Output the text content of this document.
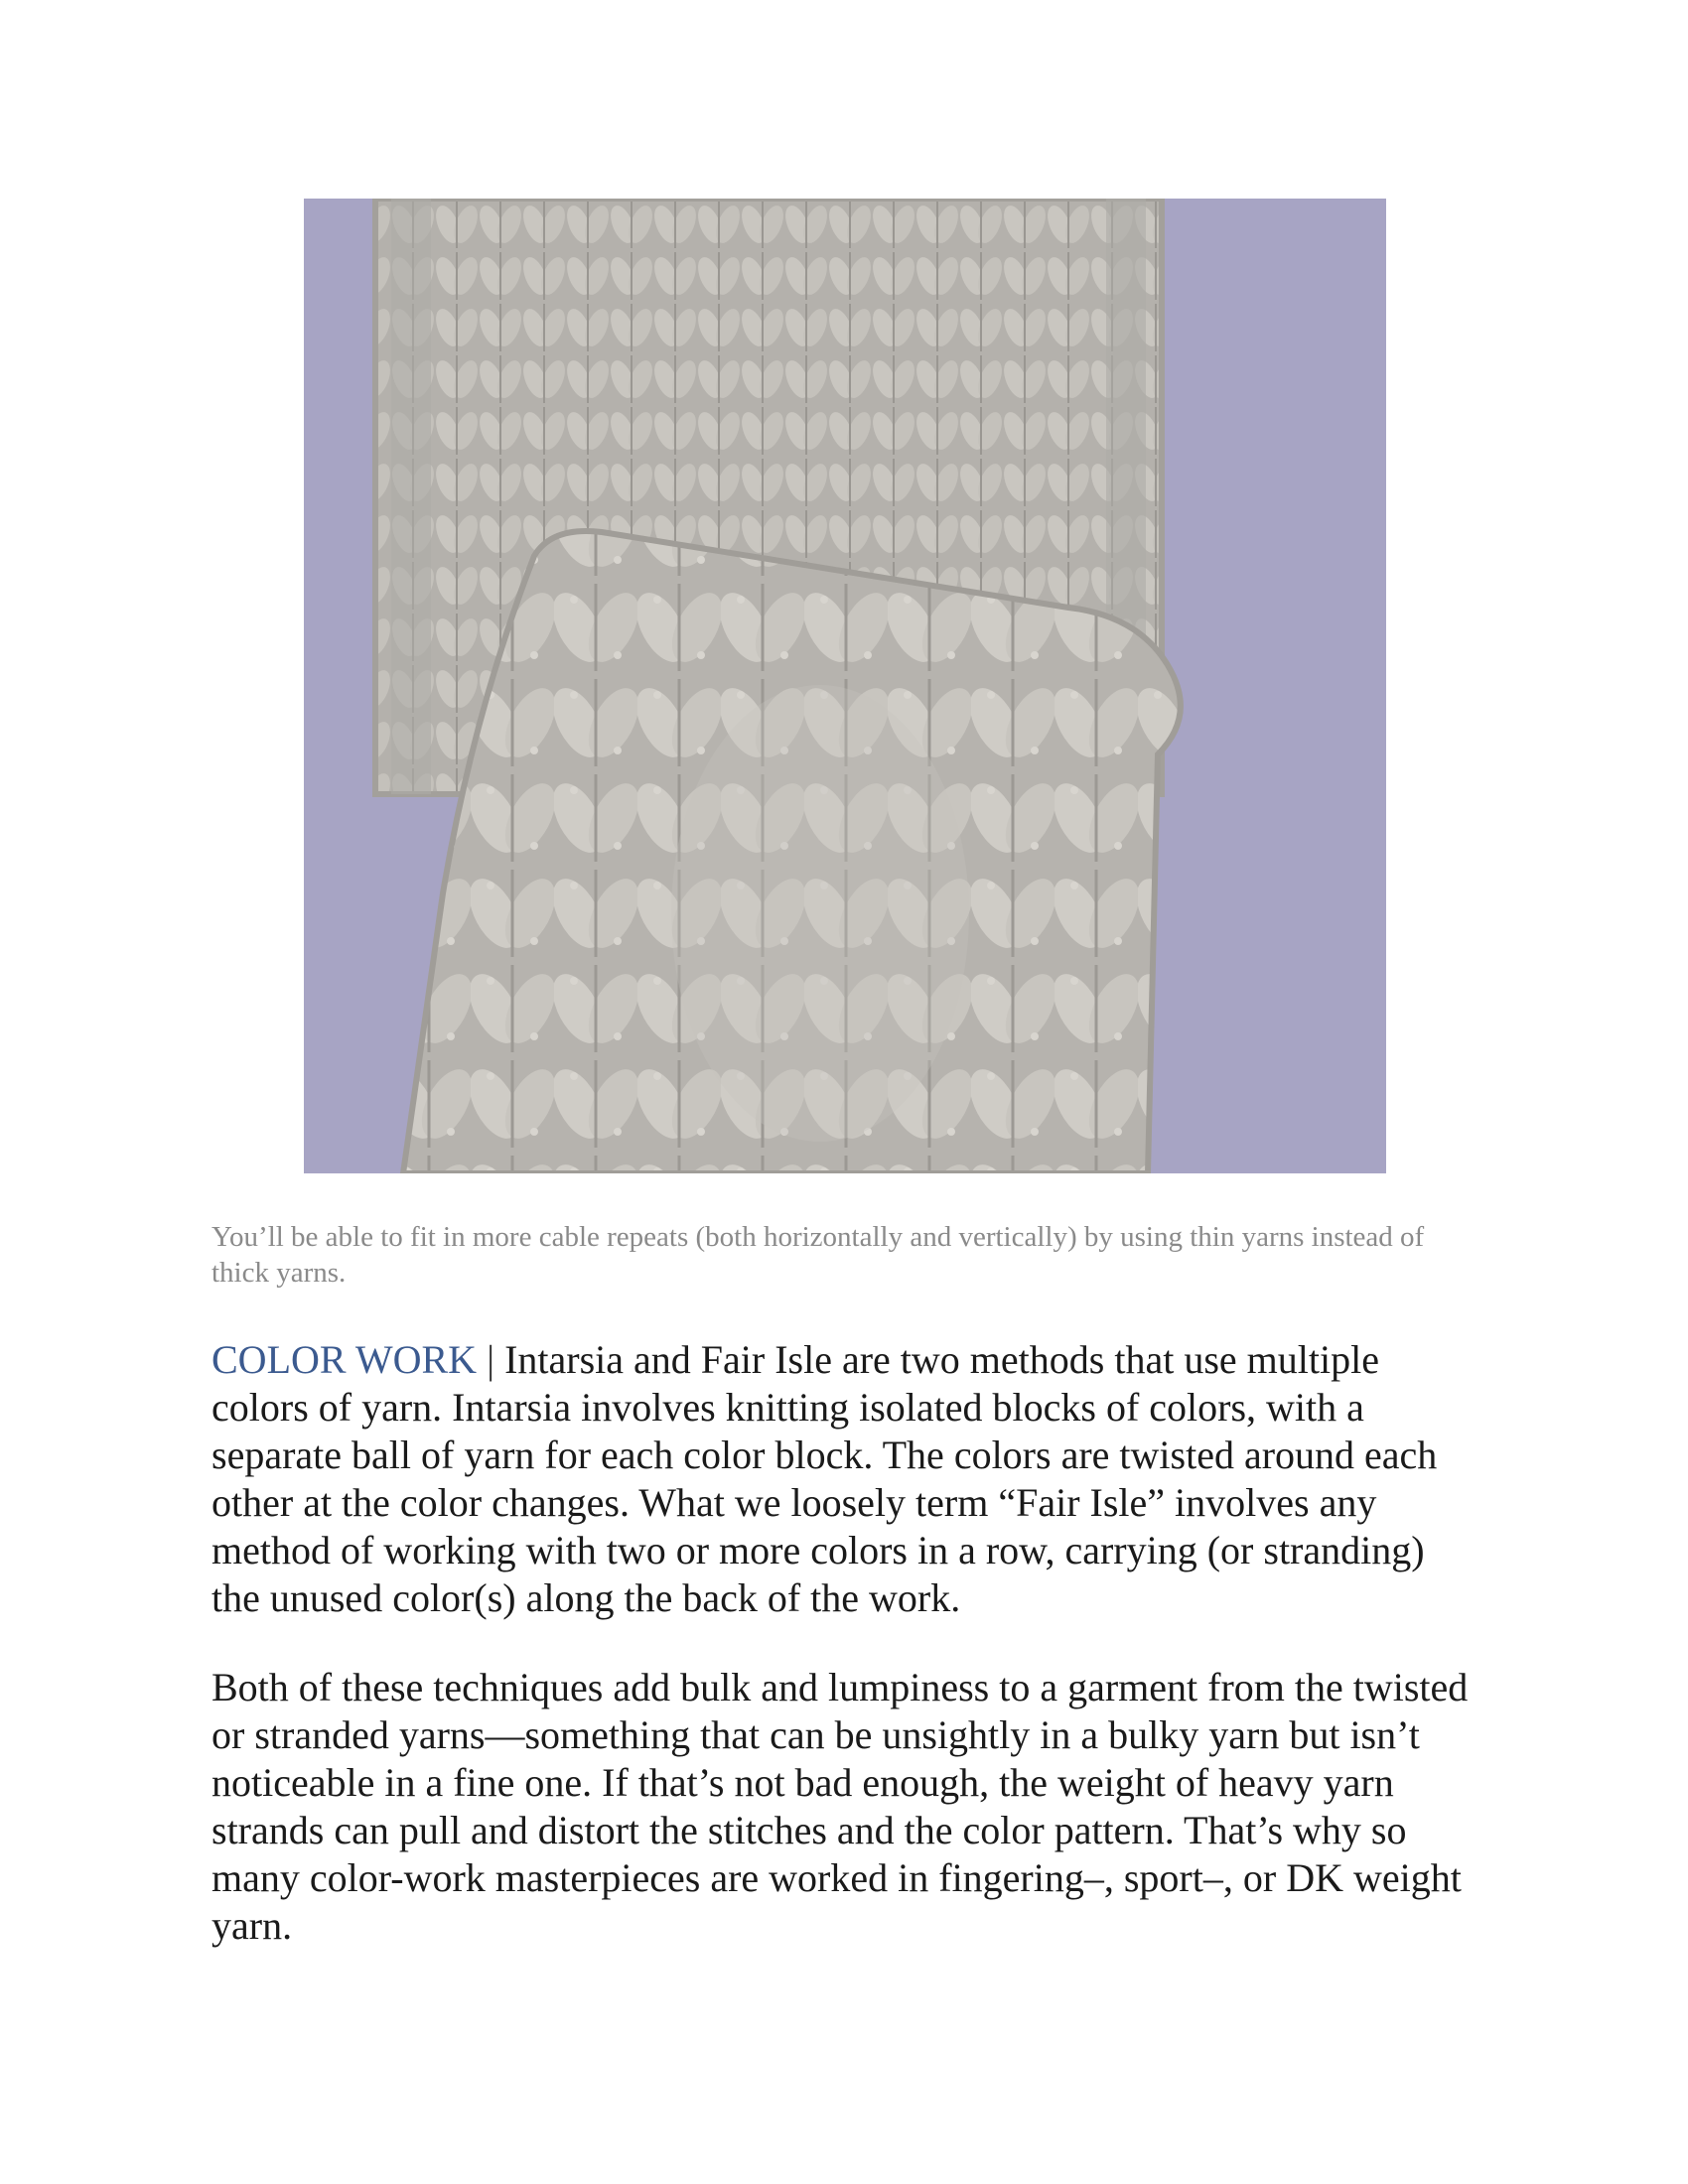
You’ll be able to fit in more cable repeats (both horizontally and vertically) by using thin yarns instead of thick yarns.

COLOR WORK | Intarsia and Fair Isle are two methods that use multiple colors of yarn. Intarsia involves knitting isolated blocks of colors, with a separate ball of yarn for each color block. The colors are twisted around each other at the color changes. What we loosely term “Fair Isle” involves any method of working with two or more colors in a row, carrying (or stranding) the unused color(s) along the back of the work.

Both of these techniques add bulk and lumpiness to a garment from the twisted or stranded yarns—something that can be unsightly in a bulky yarn but isn’t noticeable in a fine one. If that’s not bad enough, the weight of heavy yarn strands can pull and distort the stitches and the color pattern. That’s why so many color-work masterpieces are worked in fingering–, sport–, or DK weight yarn.
